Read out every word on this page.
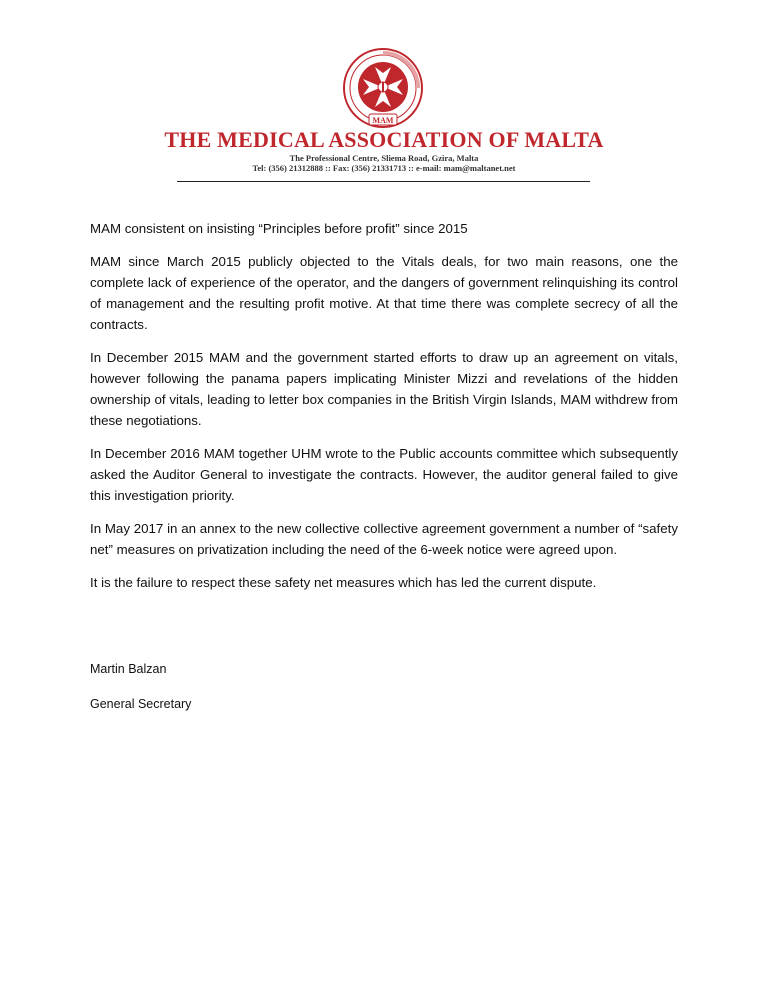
MAM
THE MEDICAL ASSOCIATION OF MALTA
The Professional Centre, Sliema Road, Gzira, Malta
Tel: (356) 21312888 :: Fax: (356) 21331713 :: e-mail: mam@maltanet.net

MAM consistent on insisting “Principles before profit” since 2015

MAM since March 2015 publicly objected to the Vitals deals, for two main reasons, one the complete lack of experience of the operator, and the dangers of government relinquishing its control of management and the resulting profit motive. At that time there was complete secrecy of all the contracts.

In December 2015 MAM and the government started efforts to draw up an agreement on vitals, however following the panama papers implicating Minister Mizzi and revelations of the hidden ownership of vitals, leading to letter box companies in the British Virgin Islands, MAM withdrew from these negotiations.

In December 2016 MAM together UHM wrote to the Public accounts committee which subsequently asked the Auditor General to investigate the contracts. However, the auditor general failed to give this investigation priority.

In May 2017 in an annex to the new collective collective agreement government a number of “safety net” measures on privatization including the need of the 6-week notice were agreed upon.

It is the failure to respect these safety net measures which has led the current dispute.

Martin Balzan
General Secretary
